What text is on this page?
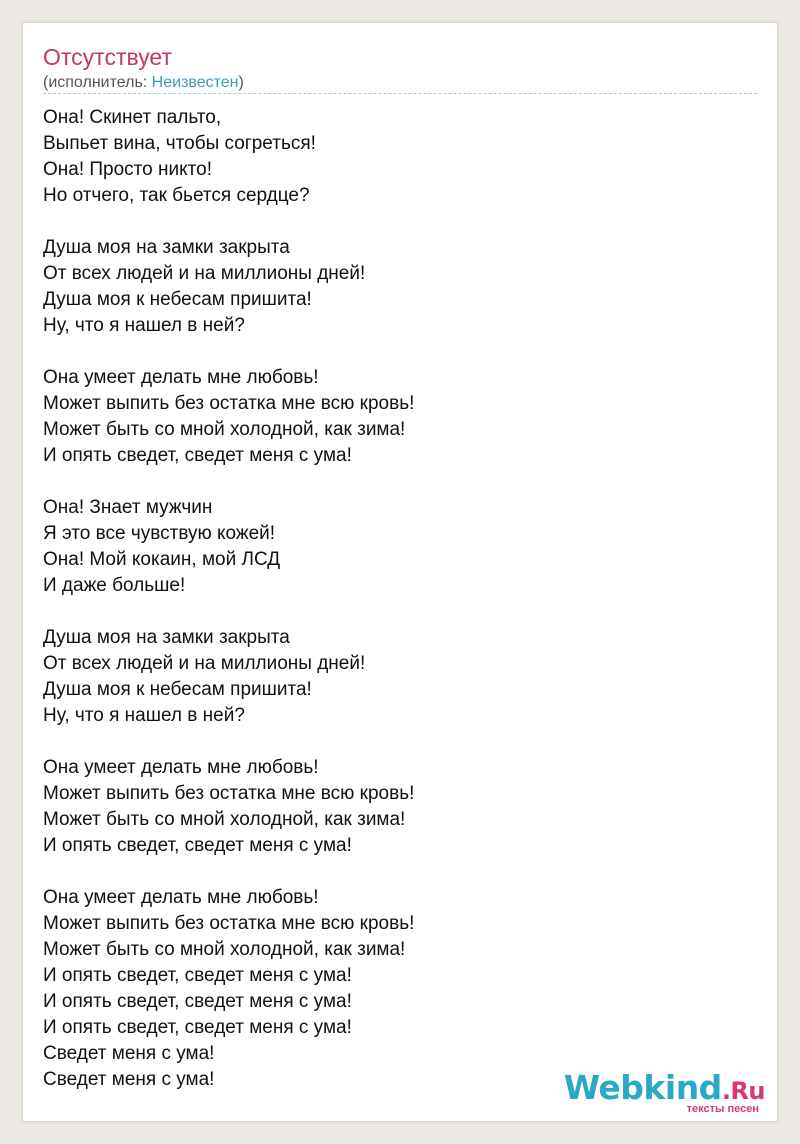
Отсутствует
(исполнитель: Неизвестен)
Она! Скинет пальто,
Выпьет вина, чтобы согреться!
Она! Просто никто!
Но отчего, так бьется сердце?
Душа моя на замки закрыта
От всех людей и на миллионы дней!
Душа моя к небесам пришита!
Ну, что я нашел в ней?
Она умеет делать мне любовь!
Может выпить без остатка мне всю кровь!
Может быть со мной холодной, как зима!
И опять сведет, сведет меня с ума!
Она! Знает мужчин
Я это все чувствую кожей!
Она! Мой кокаин, мой ЛСД
И даже больше!
Душа моя на замки закрыта
От всех людей и на миллионы дней!
Душа моя к небесам пришита!
Ну, что я нашел в ней?
Она умеет делать мне любовь!
Может выпить без остатка мне всю кровь!
Может быть со мной холодной, как зима!
И опять сведет, сведет меня с ума!
Она умеет делать мне любовь!
Может выпить без остатка мне всю кровь!
Может быть со мной холодной, как зима!
И опять сведет, сведет меня с ума!
И опять сведет, сведет меня с ума!
И опять сведет, сведет меня с ума!
Сведет меня с ума!
Сведет меня с ума!	Webkind.Ru
тексты песен
